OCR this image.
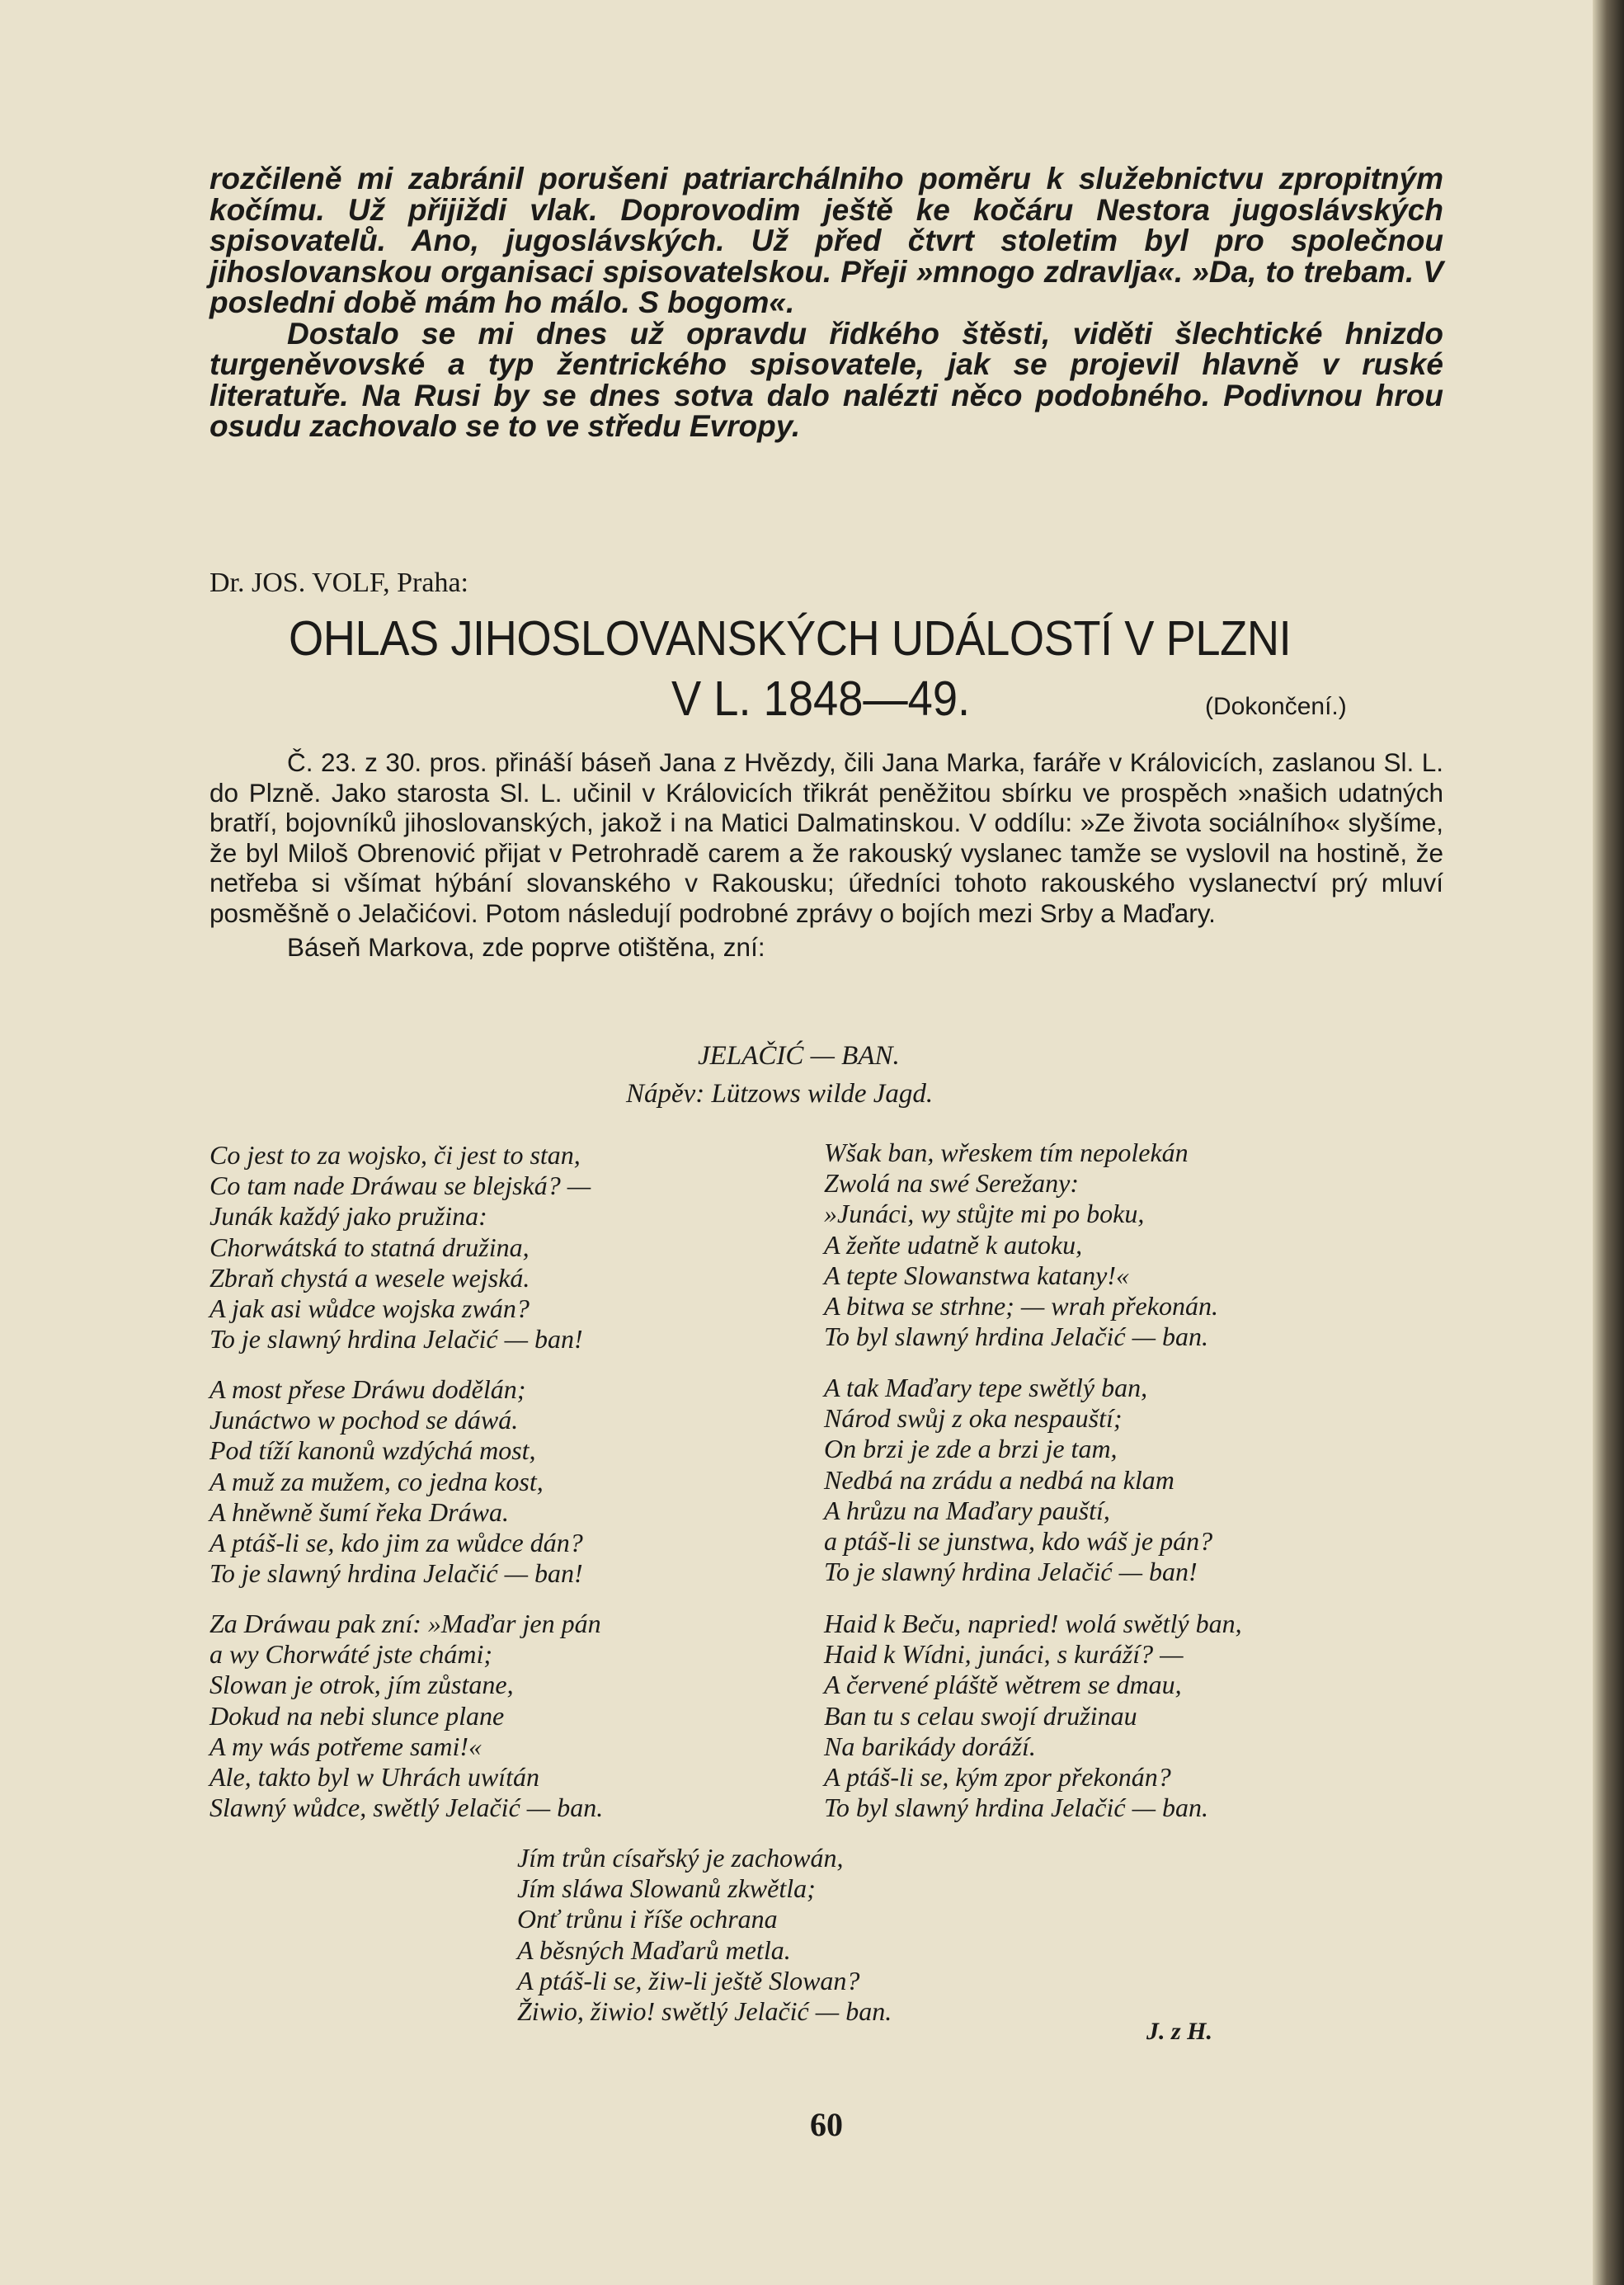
rozčileně mi zabránil porušeni patriarchálniho poměru k služebnictvu zpropitným kočímu. Už přijiždi vlak. Doprovodim ještě ke kočáru Nestora jugoslávských spisovatelů. Ano, jugoslávských. Už před čtvrt stoletim byl pro společnou jihoslovanskou organisaci spisovatelskou. Přeji »mnogo zdravlja«. »Da, to trebam. V posledni době mám ho málo. S bogom«.

Dostalo se mi dnes už opravdu řidkého štěsti, viděti šlechtické hnizdo turgeněvovské a typ žentrického spisovatele, jak se projevil hlavně v ruské literatuře. Na Rusi by se dnes sotva dalo nalézti něco podobného. Podivnou hrou osudu zachovalo se to ve středu Evropy.

Dr. JOS. VOLF, Praha:
OHLAS JIHOSLOVANSKÝCH UDÁLOSTÍ V PLZNI
V L. 1848—49.	(Dokončení.)

Č. 23. z 30. pros. přináší báseň Jana z Hvězdy, čili Jana Marka, faráře v Královicích, zaslanou Sl. L. do Plzně. Jako starosta Sl. L. učinil v Královicích třikrát peněžitou sbírku ve prospěch »našich udatných bratří, bojovníků jihoslovanských, jakož i na Matici Dalmatinskou. V oddílu: »Ze života sociálního« slyšíme, že byl Miloš Obrenović přijat v Petrohradě carem a že rakouský vyslanec tamže se vyslovil na hostině, že netřeba si všímat hýbání slovanského v Rakousku; úředníci tohoto rakouského vyslanectví prý mluví posměšně o Jelačićovi. Potom následují podrobné zprávy o bojích mezi Srby a Maďary.

Báseň Markova, zde poprve otištěna, zní:

JELAČIĆ — BAN.
Nápěv: Lützows wilde Jagd.
Co jest to za wojsko, či jest to stan,
Co tam nade Dráwau se blejská? —
Junák každý jako pružina:
Chorwátská to statná družina,
Zbraň chystá a wesele wejská.
A jak asi wůdce wojska zwán?
To je slawný hrdina Jelačić — ban!
Wšak ban, wřeskem tím nepolekán
Zwolá na swé Serežany:
»Junáci, wy stůjte mi po boku,
A žeňte udatně k autoku,
A tepte Slowanstwa katany!«
A bitwa se strhne; — wrah překonán.
To byl slawný hrdina Jelačić — ban.
A most přese Dráwu dodělán;
Junáctwo w pochod se dáwá.
Pod tíží kanonů wzdýchá most,
A muž za mužem, co jedna kost,
A hněwně šumí řeka Dráwa.
A ptáš-li se, kdo jim za wůdce dán?
To je slawný hrdina Jelačić — ban!
A tak Maďary tepe swětlý ban,
Národ swůj z oka nespauští;
On brzi je zde a brzi je tam,
Nedbá na zrádu a nedbá na klam
A hrůzu na Maďary pauští,
a ptáš-li se junstwa, kdo wáš je pán?
To je slawný hrdina Jelačić — ban!
Za Dráwau pak zní: »Maďar jen pán
a wy Chorwáté jste chámi;
Slowan je otrok, jím zůstane,
Dokud na nebi slunce plane
A my wás potřeme sami!«
Ale, takto byl w Uhrách uwítán
Slawný wůdce, swětlý Jelačić — ban.
Haid k Beču, napried! wolá swětlý ban,
Haid k Wídni, junáci, s kuráží? —
A červené pláště wětrem se dmau,
Ban tu s celau swojí družinau
Na barikády doráží.
A ptáš-li se, kým zpor překonán?
To byl slawný hrdina Jelačić — ban.
Jím trůn císařský je zachowán,
Jím sláwa Slowanů zkwětla;
Onť trůnu i říše ochrana
A běsných Maďarů metla.
A ptáš-li se, žiw-li ještě Slowan?
Žiwio, žiwio! swětlý Jelačić — ban.
J. z H.
60
